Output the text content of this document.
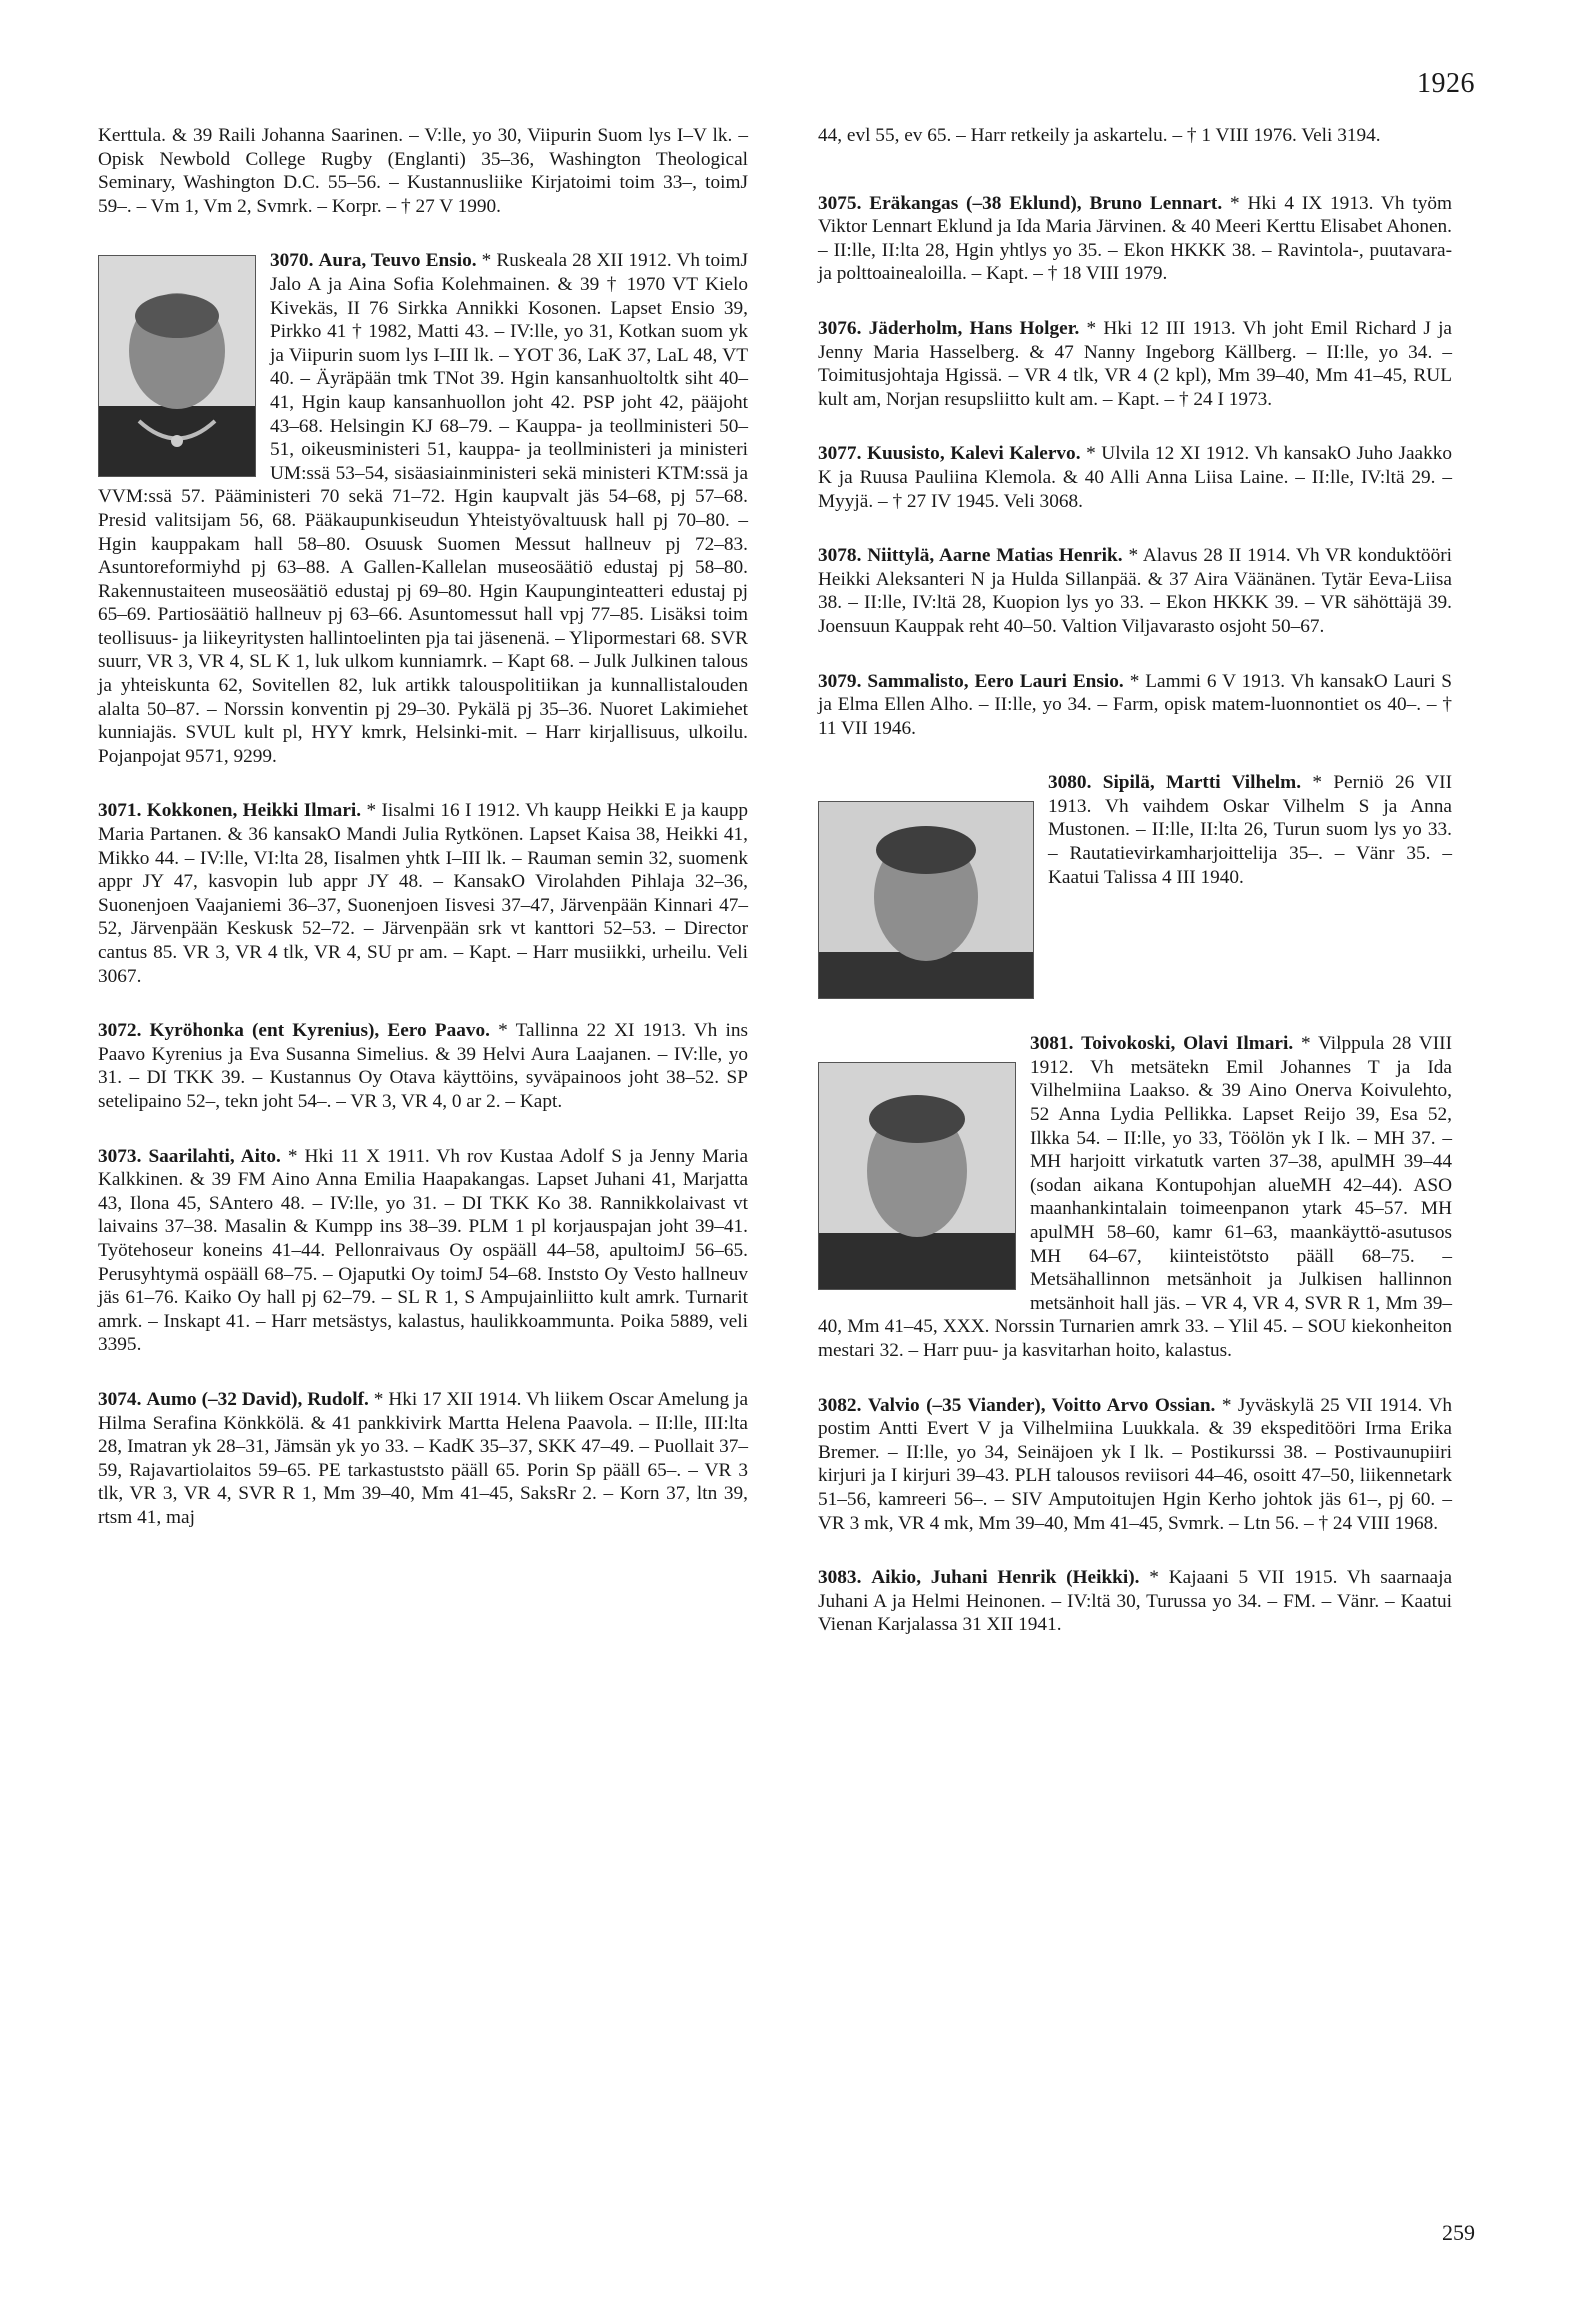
1926

Kerttula. & 39 Raili Johanna Saarinen. – V:lle, yo 30, Viipurin Suom lys I–V lk. – Opisk Newbold College Rugby (Englanti) 35–36, Washington Theological Seminary, Washington D.C. 55–56. – Kustannusliike Kirjatoimi toim 33–, toimJ 59–. – Vm 1, Vm 2, Svmrk. – Korpr. – † 27 V 1990.

3070. Aura, Teuvo Ensio. * Ruskeala 28 XII 1912. Vh toimJ Jalo A ja Aina Sofia Kolehmainen. & 39 † 1970 VT Kielo Kivekäs, II 76 Sirkka Annikki Kosonen. Lapset Ensio 39, Pirkko 41 † 1982, Matti 43. – IV:lle, yo 31, Kotkan suom yk ja Viipurin suom lys I–III lk. – YOT 36, LaK 37, LaL 48, VT 40. – Äyräpään tmk TNot 39. Hgin kansanhuoltoltk siht 40–41, Hgin kaup kansanhuollon joht 42. PSP joht 42, pääjoht 43–68. Helsingin KJ 68–79. – Kauppa- ja teollministeri 50–51, oikeusministeri 51, kauppa- ja teollministeri ja ministeri UM:ssä 53–54, sisäasiainministeri sekä ministeri KTM:ssä ja VVM:ssä 57. Pääministeri 70 sekä 71–72. Hgin kaupvalt jäs 54–68, pj 57–68. Presid valitsijam 56, 68. Pääkaupunkiseudun Yhteistyövaltuusk hall pj 70–80. – Hgin kauppakam hall 58–80. Osuusk Suomen Messut hallneuv pj 72–83. Asuntoreformiyhd pj 63–88. A Gallen-Kallelan museosäätiö edustaj pj 58–80. Rakennustaiteen museosäätiö edustaj pj 69–80. Hgin Kaupunginteatteri edustaj pj 65–69. Partiosäätiö hallneuv pj 63–66. Asuntomessut hall vpj 77–85. Lisäksi toim teollisuus- ja liikeyritysten hallintoelinten pja tai jäsenenä. – Ylipormestari 68. SVR suurr, VR 3, VR 4, SL K 1, luk ulkom kunniamrk. – Kapt 68. – Julk Julkinen talous ja yhteiskunta 62, Sovitellen 82, luk artikk talouspolitiikan ja kunnallistalouden alalta 50–87. – Norssin konventin pj 29–30. Pykälä pj 35–36. Nuoret Lakimiehet kunniajäs. SVUL kult pl, HYY kmrk, Helsinki-mit. – Harr kirjallisuus, ulkoilu. Pojanpojat 9571, 9299.

3071. Kokkonen, Heikki Ilmari. * Iisalmi 16 I 1912. Vh kaupp Heikki E ja kaupp Maria Partanen. & 36 kansakO Mandi Julia Rytkönen. Lapset Kaisa 38, Heikki 41, Mikko 44. – IV:lle, VI:lta 28, Iisalmen yhtk I–III lk. – Rauman semin 32, suomenk appr JY 47, kasvopin lub appr JY 48. – KansakO Virolahden Pihlaja 32–36, Suonenjoen Vaajaniemi 36–37, Suonenjoen Iisvesi 37–47, Järvenpään Kinnari 47–52, Järvenpään Keskusk 52–72. – Järvenpään srk vt kanttori 52–53. – Director cantus 85. VR 3, VR 4 tlk, VR 4, SU pr am. – Kapt. – Harr musiikki, urheilu. Veli 3067.

3072. Kyröhonka (ent Kyrenius), Eero Paavo. * Tallinna 22 XI 1913. Vh ins Paavo Kyrenius ja Eva Susanna Simelius. & 39 Helvi Aura Laajanen. – IV:lle, yo 31. – DI TKK 39. – Kustannus Oy Otava käyttöins, syväpainoos joht 38–52. SP setelipaino 52–, tekn joht 54–. – VR 3, VR 4, 0 ar 2. – Kapt.

3073. Saarilahti, Aito. * Hki 11 X 1911. Vh rov Kustaa Adolf S ja Jenny Maria Kalkkinen. & 39 FM Aino Anna Emilia Haapakangas. Lapset Juhani 41, Marjatta 43, Ilona 45, SAntero 48. – IV:lle, yo 31. – DI TKK Ko 38. Rannikkolaivast vt laivains 37–38. Masalin & Kumpp ins 38–39. PLM 1 pl korjauspajan joht 39–41. Työtehoseur koneins 41–44. Pellonraivaus Oy ospääll 44–58, apultoimJ 56–65. Perusyhtymä ospääll 68–75. – Ojaputki Oy toimJ 54–68. Inststo Oy Vesto hallneuv jäs 61–76. Kaiko Oy hall pj 62–79. – SL R 1, S Ampujainliitto kult amrk. Turnarit amrk. – Inskapt 41. – Harr metsästys, kalastus, haulikkoammunta. Poika 5889, veli 3395.

3074. Aumo (–32 David), Rudolf. * Hki 17 XII 1914. Vh liikem Oscar Amelung ja Hilma Serafina Könkkölä. & 41 pankkivirk Martta Helena Paavola. – II:lle, III:lta 28, Imatran yk 28–31, Jämsän yk yo 33. – KadK 35–37, SKK 47–49. – Puollait 37–59, Rajavartiolaitos 59–65. PE tarkastuststo pääll 65. Porin Sp pääll 65–. – VR 3 tlk, VR 3, VR 4, SVR R 1, Mm 39–40, Mm 41–45, SaksRr 2. – Korn 37, ltn 39, rtsm 41, maj

44, evl 55, ev 65. – Harr retkeily ja askartelu. – † 1 VIII 1976. Veli 3194.

3075. Eräkangas (–38 Eklund), Bruno Lennart. * Hki 4 IX 1913. Vh työm Viktor Lennart Eklund ja Ida Maria Järvinen. & 40 Meeri Kerttu Elisabet Ahonen. – II:lle, II:lta 28, Hgin yhtlys yo 35. – Ekon HKKK 38. – Ravintola-, puutavara- ja polttoainealoilla. – Kapt. – † 18 VIII 1979.

3076. Jäderholm, Hans Holger. * Hki 12 III 1913. Vh joht Emil Richard J ja Jenny Maria Hasselberg. & 47 Nanny Ingeborg Källberg. – II:lle, yo 34. – Toimitusjohtaja Hgissä. – VR 4 tlk, VR 4 (2 kpl), Mm 39–40, Mm 41–45, RUL kult am, Norjan resupsliitto kult am. – Kapt. – † 24 I 1973.

3077. Kuusisto, Kalevi Kalervo. * Ulvila 12 XI 1912. Vh kansakO Juho Jaakko K ja Ruusa Pauliina Klemola. & 40 Alli Anna Liisa Laine. – II:lle, IV:ltä 29. – Myyjä. – † 27 IV 1945. Veli 3068.

3078. Niittylä, Aarne Matias Henrik. * Alavus 28 II 1914. Vh VR konduktööri Heikki Aleksanteri N ja Hulda Sillanpää. & 37 Aira Väänänen. Tytär Eeva-Liisa 38. – II:lle, IV:ltä 28, Kuopion lys yo 33. – Ekon HKKK 39. – VR sähöttäjä 39. Joensuun Kauppak reht 40–50. Valtion Viljavarasto osjoht 50–67.

3079. Sammalisto, Eero Lauri Ensio. * Lammi 6 V 1913. Vh kansakO Lauri S ja Elma Ellen Alho. – II:lle, yo 34. – Farm, opisk matem-luonnontiet os 40–. – † 11 VII 1946.

3080. Sipilä, Martti Vilhelm. * Perniö 26 VII 1913. Vh vaihdem Oskar Vilhelm S ja Anna Mustonen. – II:lle, II:lta 26, Turun suom lys yo 33. – Rautatievirkamharjoittelija 35–. – Vänr 35. – Kaatui Talissa 4 III 1940.

3081. Toivokoski, Olavi Ilmari. * Vilppula 28 VIII 1912. Vh metsätekn Emil Johannes T ja Ida Vilhelmiina Laakso. & 39 Aino Onerva Koivulehto, 52 Anna Lydia Pellikka. Lapset Reijo 39, Esa 52, Ilkka 54. – II:lle, yo 33, Töölön yk I lk. – MH 37. – MH harjoitt virkatutk varten 37–38, apulMH 39–44 (sodan aikana Kontupohjan alueMH 42–44). ASO maanhankintalain toimeenpanon ytark 45–57. MH apulMH 58–60, kamr 61–63, maankäyttö-asutusos MH 64–67, kiinteistötsto pääll 68–75. – Metsähallinnon metsänhoit ja Julkisen hallinnon metsänhoit hall jäs. – VR 4, VR 4, SVR R 1, Mm 39–40, Mm 41–45, XXX. Norssin Turnarien amrk 33. – Ylil 45. – SOU kiekonheiton mestari 32. – Harr puu- ja kasvitarhan hoito, kalastus.

3082. Valvio (–35 Viander), Voitto Arvo Ossian. * Jyväskylä 25 VII 1914. Vh postim Antti Evert V ja Vilhelmiina Luukkala. & 39 ekspeditööri Irma Erika Bremer. – II:lle, yo 34, Seinäjoen yk I lk. – Postikurssi 38. – Postivaunupiiri kirjuri ja I kirjuri 39–43. PLH talousos reviisori 44–46, osoitt 47–50, liikennetark 51–56, kamreeri 56–. – SIV Amputoitujen Hgin Kerho johtok jäs 61–, pj 60. – VR 3 mk, VR 4 mk, Mm 39–40, Mm 41–45, Svmrk. – Ltn 56. – † 24 VIII 1968.

3083. Aikio, Juhani Henrik (Heikki). * Kajaani 5 VII 1915. Vh saarnaaja Juhani A ja Helmi Heinonen. – IV:ltä 30, Turussa yo 34. – FM. – Vänr. – Kaatui Vienan Karjalassa 31 XII 1941.

259
